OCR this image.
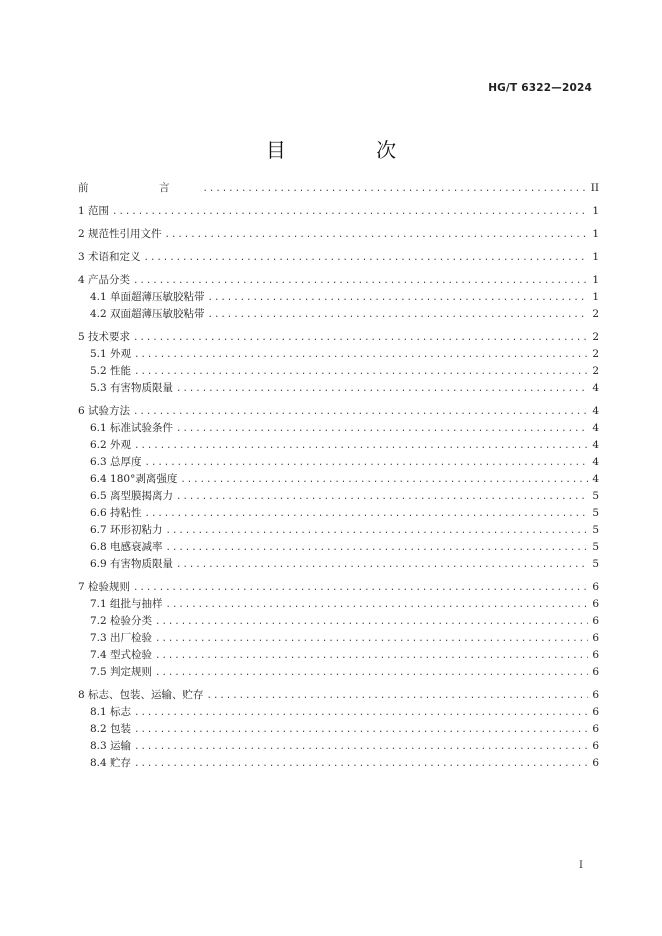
HG/T 6322—2024
目 次
前　言 .....	II
1 范围 .....	1
2 规范性引用文件 .....	1
3 术语和定义 .....	1
4 产品分类 .....	1
4.1 单面超薄压敏胶粘带 .....	1
4.2 双面超薄压敏胶粘带 .....	2
5 技术要求 .....	2
5.1 外观 .....	2
5.2 性能 .....	2
5.3 有害物质限量 .....	4
6 试验方法 .....	4
6.1 标准试验条件 .....	4
6.2 外观 .....	4
6.3 总厚度 .....	4
6.4 180°剥离强度 .....	4
6.5 离型膜揭离力 .....	5
6.6 持粘性 .....	5
6.7 环形初粘力 .....	5
6.8 电感衰减率 .....	5
6.9 有害物质限量 .....	5
7 检验规则 .....	6
7.1 组批与抽样 .....	6
7.2 检验分类 .....	6
7.3 出厂检验 .....	6
7.4 型式检验 .....	6
7.5 判定规则 .....	6
8 标志、包装、运输、贮存 .....	6
8.1 标志 .....	6
8.2 包装 .....	6
8.3 运输 .....	6
8.4 贮存 .....	6
I
